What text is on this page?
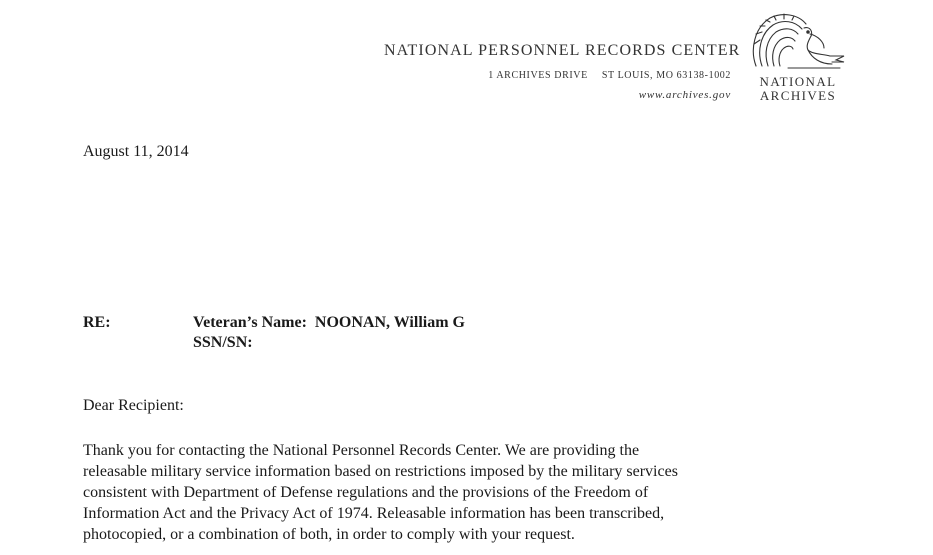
NATIONAL PERSONNEL RECORDS CENTER
1 ARCHIVES DRIVE ST LOUIS, MO 63138-1002
www.archives.gov
NATIONAL
ARCHIVES
August 11, 2014
RE:	Veteran’s Name: NOONAN, William G
SSN/SN:
Dear Recipient:
Thank you for contacting the National Personnel Records Center. We are providing the
releasable military service information based on restrictions imposed by the military services
consistent with Department of Defense regulations and the provisions of the Freedom of
Information Act and the Privacy Act of 1974. Releasable information has been transcribed,
photocopied, or a combination of both, in order to comply with your request.
